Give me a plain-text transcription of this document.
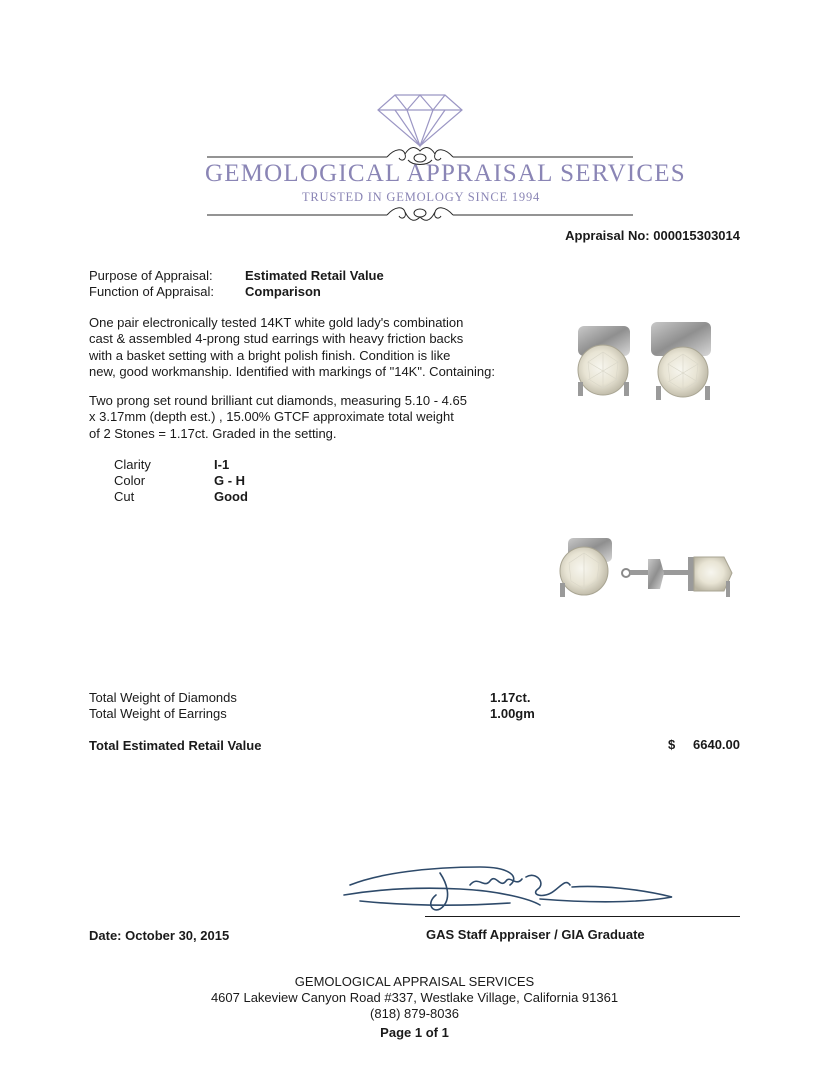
GEMOLOGICAL APPRAISAL SERVICES
TRUSTED IN GEMOLOGY SINCE 1994
Appraisal No: 000015303014
Purpose of Appraisal: Estimated Retail Value
Function of Appraisal: Comparison
One pair electronically tested 14KT white gold lady's combination
cast & assembled 4-prong stud earrings with heavy friction backs
with a basket setting with a bright polish finish. Condition is like
new, good workmanship. Identified with markings of "14K". Containing:
Two prong set round brilliant cut diamonds, measuring 5.10 - 4.65
x 3.17mm (depth est.) , 15.00% GTCF approximate total weight
of 2 Stones = 1.17ct. Graded in the setting.
Clarity	I-1
Color	G - H
Cut	Good
Total Weight of Diamonds	1.17ct.
Total Weight of Earrings	1.00gm
Total Estimated Retail Value	$ 6640.00
Date: October 30, 2015	GAS Staff Appraiser / GIA Graduate
GEMOLOGICAL APPRAISAL SERVICES
4607 Lakeview Canyon Road #337, Westlake Village, California 91361
(818) 879-8036
Page 1 of 1
